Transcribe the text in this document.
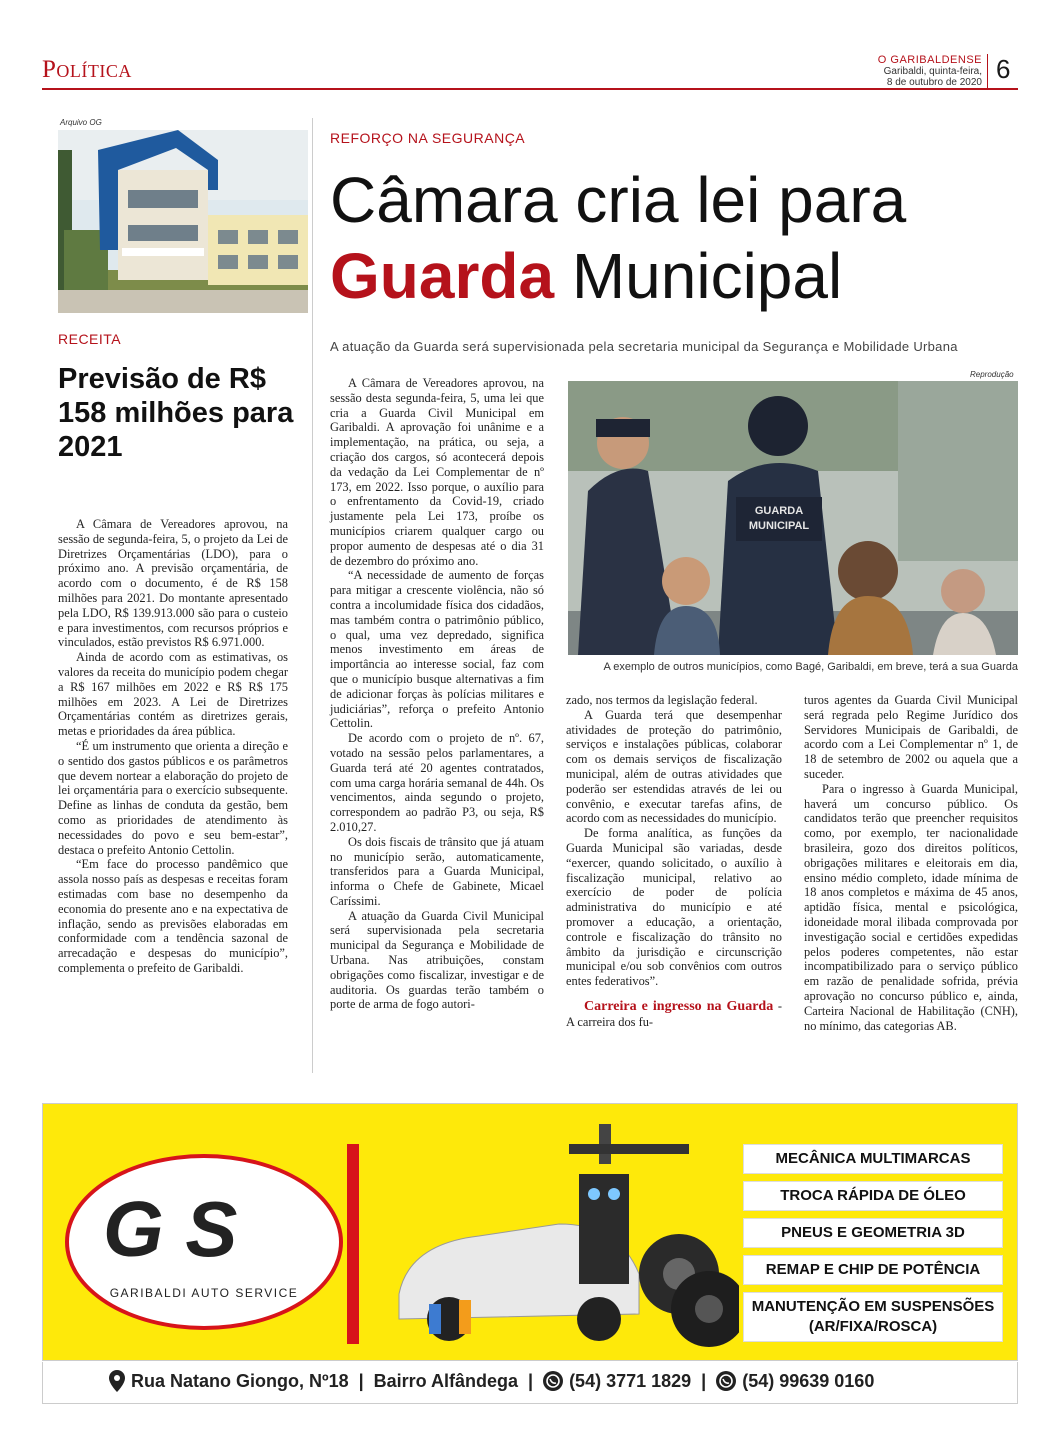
Política	O GARIBALDENSE
Garibaldi, quinta-feira,
8 de outubro de 2020 6
Arquivo OG
RECEITA
Previsão de R$ 158 milhões para 2021

A Câmara de Vereadores aprovou, na sessão de segunda-feira, 5, o projeto da Lei de Diretrizes Orçamentárias (LDO), para o próximo ano. A previsão orçamentária, de acordo com o documento, é de R$ 158 milhões para 2021. Do montante apresentado pela LDO, R$ 139.913.000 são para o custeio e para investimentos, com recursos próprios e vinculados, estão previstos R$ 6.971.000.

Ainda de acordo com as estimativas, os valores da receita do município podem chegar a R$ 167 milhões em 2022 e R$ R$ 175 milhões em 2023. A Lei de Diretrizes Orçamentárias contém as diretrizes gerais, metas e prioridades da área pública.

“É um instrumento que orienta a direção e o sentido dos gastos públicos e os parâmetros que devem nortear a elaboração do projeto de lei orçamentária para o exercício subsequente. Define as linhas de conduta da gestão, bem como as prioridades de atendimento às necessidades do povo e seu bem-estar”, destaca o prefeito Antonio Cettolin.

“Em face do processo pandêmico que assola nosso país as despesas e receitas foram estimadas com base no desempenho da economia do presente ano e na expectativa de inflação, sendo as previsões elaboradas em conformidade com a tendência sazonal de arrecadação e despesas do município”, complementa o prefeito de Garibaldi.

REFORÇO NA SEGURANÇA
Câmara cria lei para
Guarda Municipal
A atuação da Guarda será supervisionada pela secretaria municipal da Segurança e Mobilidade Urbana

A Câmara de Vereadores aprovou, na sessão desta segunda-feira, 5, uma lei que cria a Guarda Civil Municipal em Garibaldi. A aprovação foi unânime e a implementação, na prática, ou seja, a criação dos cargos, só acontecerá depois da vedação da Lei Complementar de nº 173, em 2022. Isso porque, o auxílio para o enfrentamento da Covid-19, criado justamente pela Lei 173, proíbe os municípios criarem qualquer cargo ou propor aumento de despesas até o dia 31 de dezembro do próximo ano.

“A necessidade de aumento de forças para mitigar a crescente violência, não só contra a incolumidade física dos cidadãos, mas também contra o patrimônio público, o qual, uma vez depredado, significa menos investimento em áreas de importância ao interesse social, faz com que o município busque alternativas a fim de adicionar forças às polícias militares e judiciárias”, reforça o prefeito Antonio Cettolin.

De acordo com o projeto de nº. 67, votado na sessão pelos parlamentares, a Guarda terá até 20 agentes contratados, com uma carga horária semanal de 44h. Os vencimentos, ainda segundo o projeto, correspondem ao padrão P3, ou seja, R$ 2.010,27.

Os dois fiscais de trânsito que já atuam no município serão, automaticamente, transferidos para a Guarda Municipal, informa o Chefe de Gabinete, Micael Caríssimi.

A atuação da Guarda Civil Municipal será supervisionada pela secretaria municipal da Segurança e Mobilidade de Urbana. Nas atribuições, constam obrigações como fiscalizar, investigar e de auditoria. Os guardas terão também o porte de arma de fogo autori-

Reprodução
GUARDA
MUNICIPAL
A exemplo de outros municípios, como Bagé, Garibaldi, em breve, terá a sua Guarda

zado, nos termos da legislação federal.

A Guarda terá que desempenhar atividades de proteção do patrimônio, serviços e instalações públicas, colaborar com os demais serviços de fiscalização municipal, além de outras atividades que poderão ser estendidas através de lei ou convênio, e executar tarefas afins, de acordo com as necessidades do município.

De forma analítica, as funções da Guarda Municipal são variadas, desde “exercer, quando solicitado, o auxílio à fiscalização municipal, relativo ao exercício de poder de polícia administrativa do município e até promover a educação, a orientação, controle e fiscalização do trânsito no âmbito da jurisdição e circunscrição municipal e/ou sob convênios com outros entes federativos”.

Carreira e ingresso na Guarda - A carreira dos fu-

turos agentes da Guarda Civil Municipal será regrada pelo Regime Jurídico dos Servidores Municipais de Garibaldi, de acordo com a Lei Complementar nº 1, de 18 de setembro de 2002 ou aquela que a suceder.

Para o ingresso à Guarda Municipal, haverá um concurso público. Os candidatos terão que preencher requisitos como, por exemplo, ter nacionalidade brasileira, gozo dos direitos políticos, obrigações militares e eleitorais em dia, ensino médio completo, idade mínima de 18 anos completos e máxima de 45 anos, aptidão física, mental e psicológica, idoneidade moral ilibada comprovada por investigação social e certidões expedidas pelos poderes competentes, não estar incompatibilizado para o serviço público em razão de penalidade sofrida, prévia aprovação no concurso público e, ainda, Carteira Nacional de Habilitação (CNH), no mínimo, das categorias AB.

G S
GARIBALDI AUTO SERVICE
MECÂNICA MULTIMARCAS
TROCA RÁPIDA DE ÓLEO
PNEUS E GEOMETRIA 3D
REMAP E CHIP DE POTÊNCIA
MANUTENÇÃO EM SUSPENSÕES
(AR/FIXA/ROSCA)
Rua Natano Giongo, Nº18 | Bairro Alfândega | (54) 3771 1829 | (54) 99639 0160
